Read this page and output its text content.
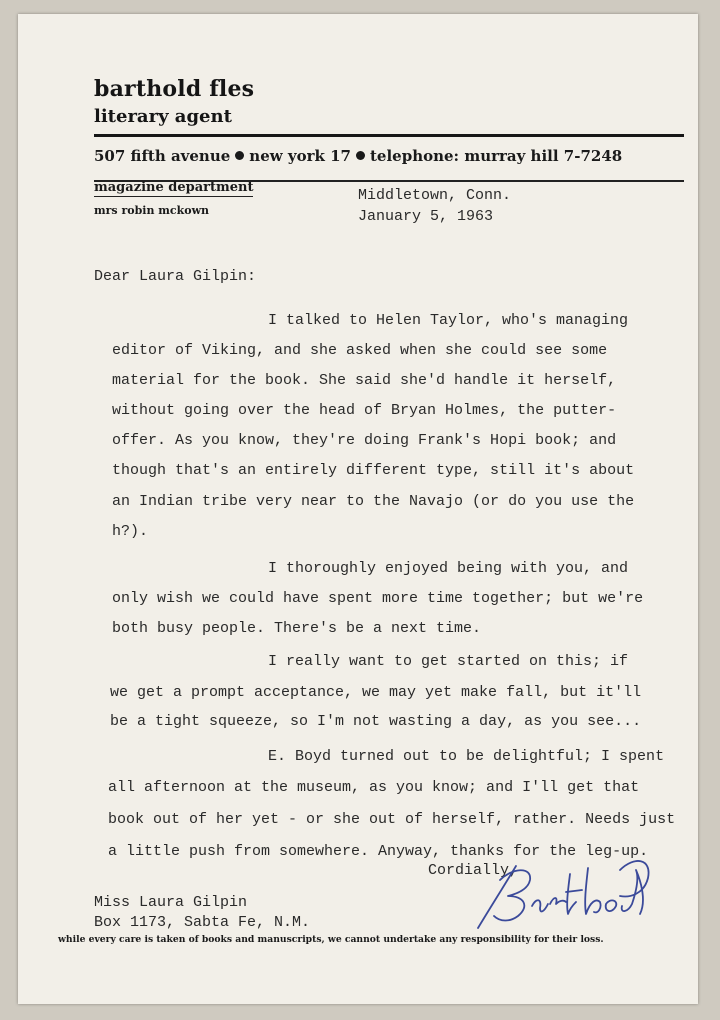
barthold fles
literary agent
507 fifth avenue new york 17 telephone: murray hill 7-7248
magazine department
mrs robin mckown
Middletown, Conn.
January 5, 1963
Dear Laura Gilpin:
I talked to Helen Taylor, who's managing
editor of Viking, and she asked when she could see some
material for the book. She said she'd handle it herself,
without going over the head of Bryan Holmes, the putter-
offer. As you know, they're doing Frank's Hopi book; and
though that's an entirely different type, still it's about
an Indian tribe very near to the Navajo (or do you use the
h?).
I thoroughly enjoyed being with you, and
only wish we could have spent more time together; but we're
both busy people. There's be a next time.
I really want to get started on this; if
we get a prompt acceptance, we may yet make fall, but it'll
be a tight squeeze, so I'm not wasting a day, as you see...
E. Boyd turned out to be delightful; I spent
all afternoon at the museum, as you know; and I'll get that
book out of her yet - or she out of herself, rather. Needs just
a little push from somewhere. Anyway, thanks for the leg-up.
Cordially,
Miss Laura Gilpin
Box 1173, Sabta Fe, N.M.
while every care is taken of books and manuscripts, we cannot undertake any responsibility for their loss.
